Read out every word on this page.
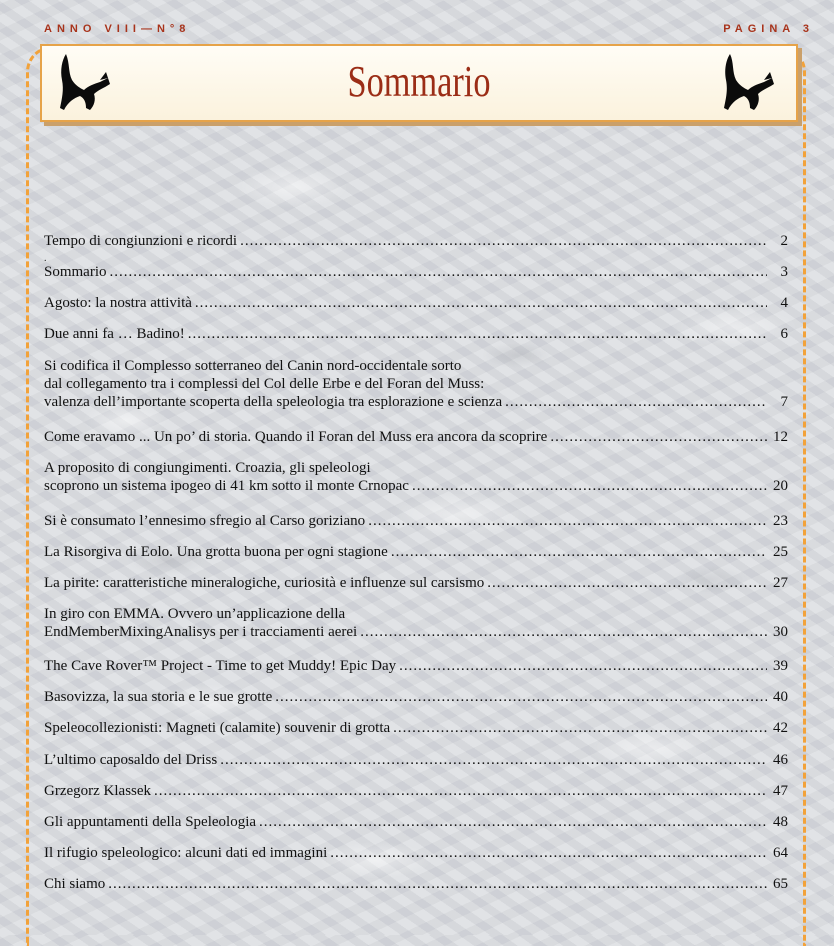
ANNO VIII—N°8	PAGINA 3
Sommario
.
Tempo di congiunzioni e ricordi .....	2
Sommario .....	3
Agosto: la nostra attività .....	4
Due anni fa … Badino! .....	6
Si codifica il Complesso sotterraneo del Canin nord-occidentale sorto
dal collegamento tra i complessi del Col delle Erbe e del Foran del Muss:
valenza dell’importante scoperta della speleologia tra esplorazione e scienza .....	7
Come eravamo ... Un po’ di storia. Quando il Foran del Muss era ancora da scoprire .....	12
A proposito di congiungimenti. Croazia, gli speleologi
scoprono un sistema ipogeo di 41 km sotto il monte Crnopac .....	20
Si è consumato l’ennesimo sfregio al Carso goriziano .....	23
La Risorgiva di Eolo. Una grotta buona per ogni stagione .....	25
La pirite: caratteristiche mineralogiche, curiosità e influenze sul carsismo .....	27
In giro con EMMA. Ovvero un’applicazione della
EndMemberMixingAnalisys per i tracciamenti aerei .....	30
The Cave Rover™ Project - Time to get Muddy! Epic Day .....	39
Basovizza, la sua storia e le sue grotte .....	40
Speleocollezionisti: Magneti (calamite) souvenir di grotta .....	42
L’ultimo caposaldo del Driss .....	46
Grzegorz Klassek .....	47
Gli appuntamenti della Speleologia .....	48
Il rifugio speleologico: alcuni dati ed immagini .....	64
Chi siamo .....	65
